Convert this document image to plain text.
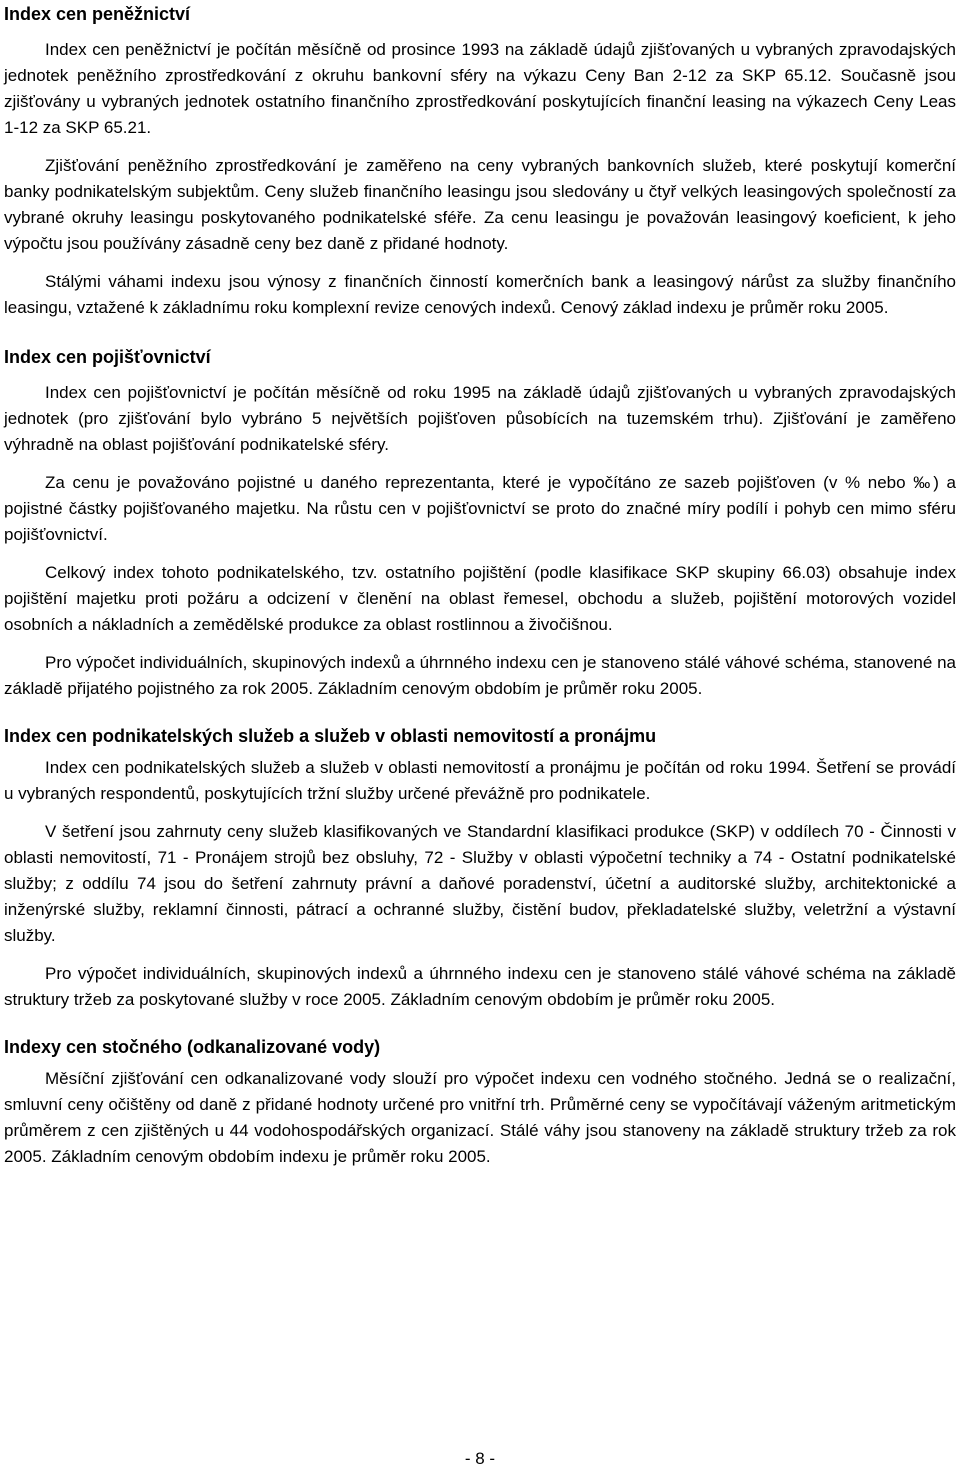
Index cen peněžnictví

Index cen peněžnictví je počítán měsíčně od prosince 1993 na základě údajů zjišťovaných u vybraných zpravodajských jednotek peněžního zprostředkování z okruhu bankovní sféry na výkazu Ceny Ban 2-12 za SKP 65.12. Současně jsou zjišťovány u vybraných jednotek ostatního finančního zprostředkování poskytujících finanční leasing na výkazech Ceny Leas 1-12 za SKP 65.21.

Zjišťování peněžního zprostředkování je zaměřeno na ceny vybraných bankovních služeb, které poskytují komerční banky podnikatelským subjektům. Ceny služeb finančního leasingu jsou sledovány u čtyř velkých leasingových společností za vybrané okruhy leasingu poskytovaného podnikatelské sféře. Za cenu leasingu je považován leasingový koeficient, k jeho výpočtu jsou používány zásadně ceny bez daně z přidané hodnoty.

Stálými váhami indexu jsou výnosy z finančních činností komerčních bank a leasingový nárůst za služby finančního leasingu, vztažené k základnímu roku komplexní revize cenových indexů. Cenový základ indexu je průměr roku 2005.

Index cen pojišťovnictví

Index cen pojišťovnictví je počítán měsíčně od roku 1995 na základě údajů zjišťovaných u vybraných zpravodajských jednotek (pro zjišťování bylo vybráno 5 největších pojišťoven působících na tuzemském trhu). Zjišťování je zaměřeno výhradně na oblast pojišťování podnikatelské sféry.

Za cenu je považováno pojistné u daného reprezentanta, které je vypočítáno ze sazeb pojišťoven (v % nebo ‰) a pojistné částky pojišťovaného majetku. Na růstu cen v pojišťovnictví se proto do značné míry podílí i pohyb cen mimo sféru pojišťovnictví.

Celkový index tohoto podnikatelského, tzv. ostatního pojištění (podle klasifikace SKP skupiny 66.03) obsahuje index pojištění majetku proti požáru a odcizení v členění na oblast řemesel, obchodu a služeb, pojištění motorových vozidel osobních a nákladních a zemědělské produkce za oblast rostlinnou a živočišnou.

Pro výpočet individuálních, skupinových indexů a úhrnného indexu cen je stanoveno stálé váhové schéma, stanovené na základě přijatého pojistného za rok 2005. Základním cenovým obdobím je průměr roku 2005.

Index cen podnikatelských služeb a služeb v oblasti nemovitostí a pronájmu

Index cen podnikatelských služeb a služeb v oblasti nemovitostí a pronájmu je počítán od roku 1994. Šetření se provádí u vybraných respondentů, poskytujících tržní služby určené převážně pro podnikatele.

V šetření jsou zahrnuty ceny služeb klasifikovaných ve Standardní klasifikaci produkce (SKP) v oddílech 70 - Činnosti v oblasti nemovitostí, 71 - Pronájem strojů bez obsluhy, 72 - Služby v oblasti výpočetní techniky a 74 - Ostatní podnikatelské služby; z oddílu 74 jsou do šetření zahrnuty právní a daňové poradenství, účetní a auditorské služby, architektonické a inženýrské služby, reklamní činnosti, pátrací a ochranné služby, čistění budov, překladatelské služby, veletržní a výstavní služby.

Pro výpočet individuálních, skupinových indexů a úhrnného indexu cen je stanoveno stálé váhové schéma na základě struktury tržeb za poskytované služby v roce 2005. Základním cenovým obdobím je průměr roku 2005.

Indexy cen stočného (odkanalizované vody)

Měsíční zjišťování cen odkanalizované vody slouží pro výpočet indexu cen vodného stočného. Jedná se o realizační, smluvní ceny očištěny od daně z přidané hodnoty určené pro vnitřní trh. Průměrné ceny se vypočítávají váženým aritmetickým průměrem z cen zjištěných u 44 vodohospodářských organizací. Stálé váhy jsou stanoveny na základě struktury tržeb za rok 2005. Základním cenovým obdobím indexu je průměr roku 2005.

- 8 -
